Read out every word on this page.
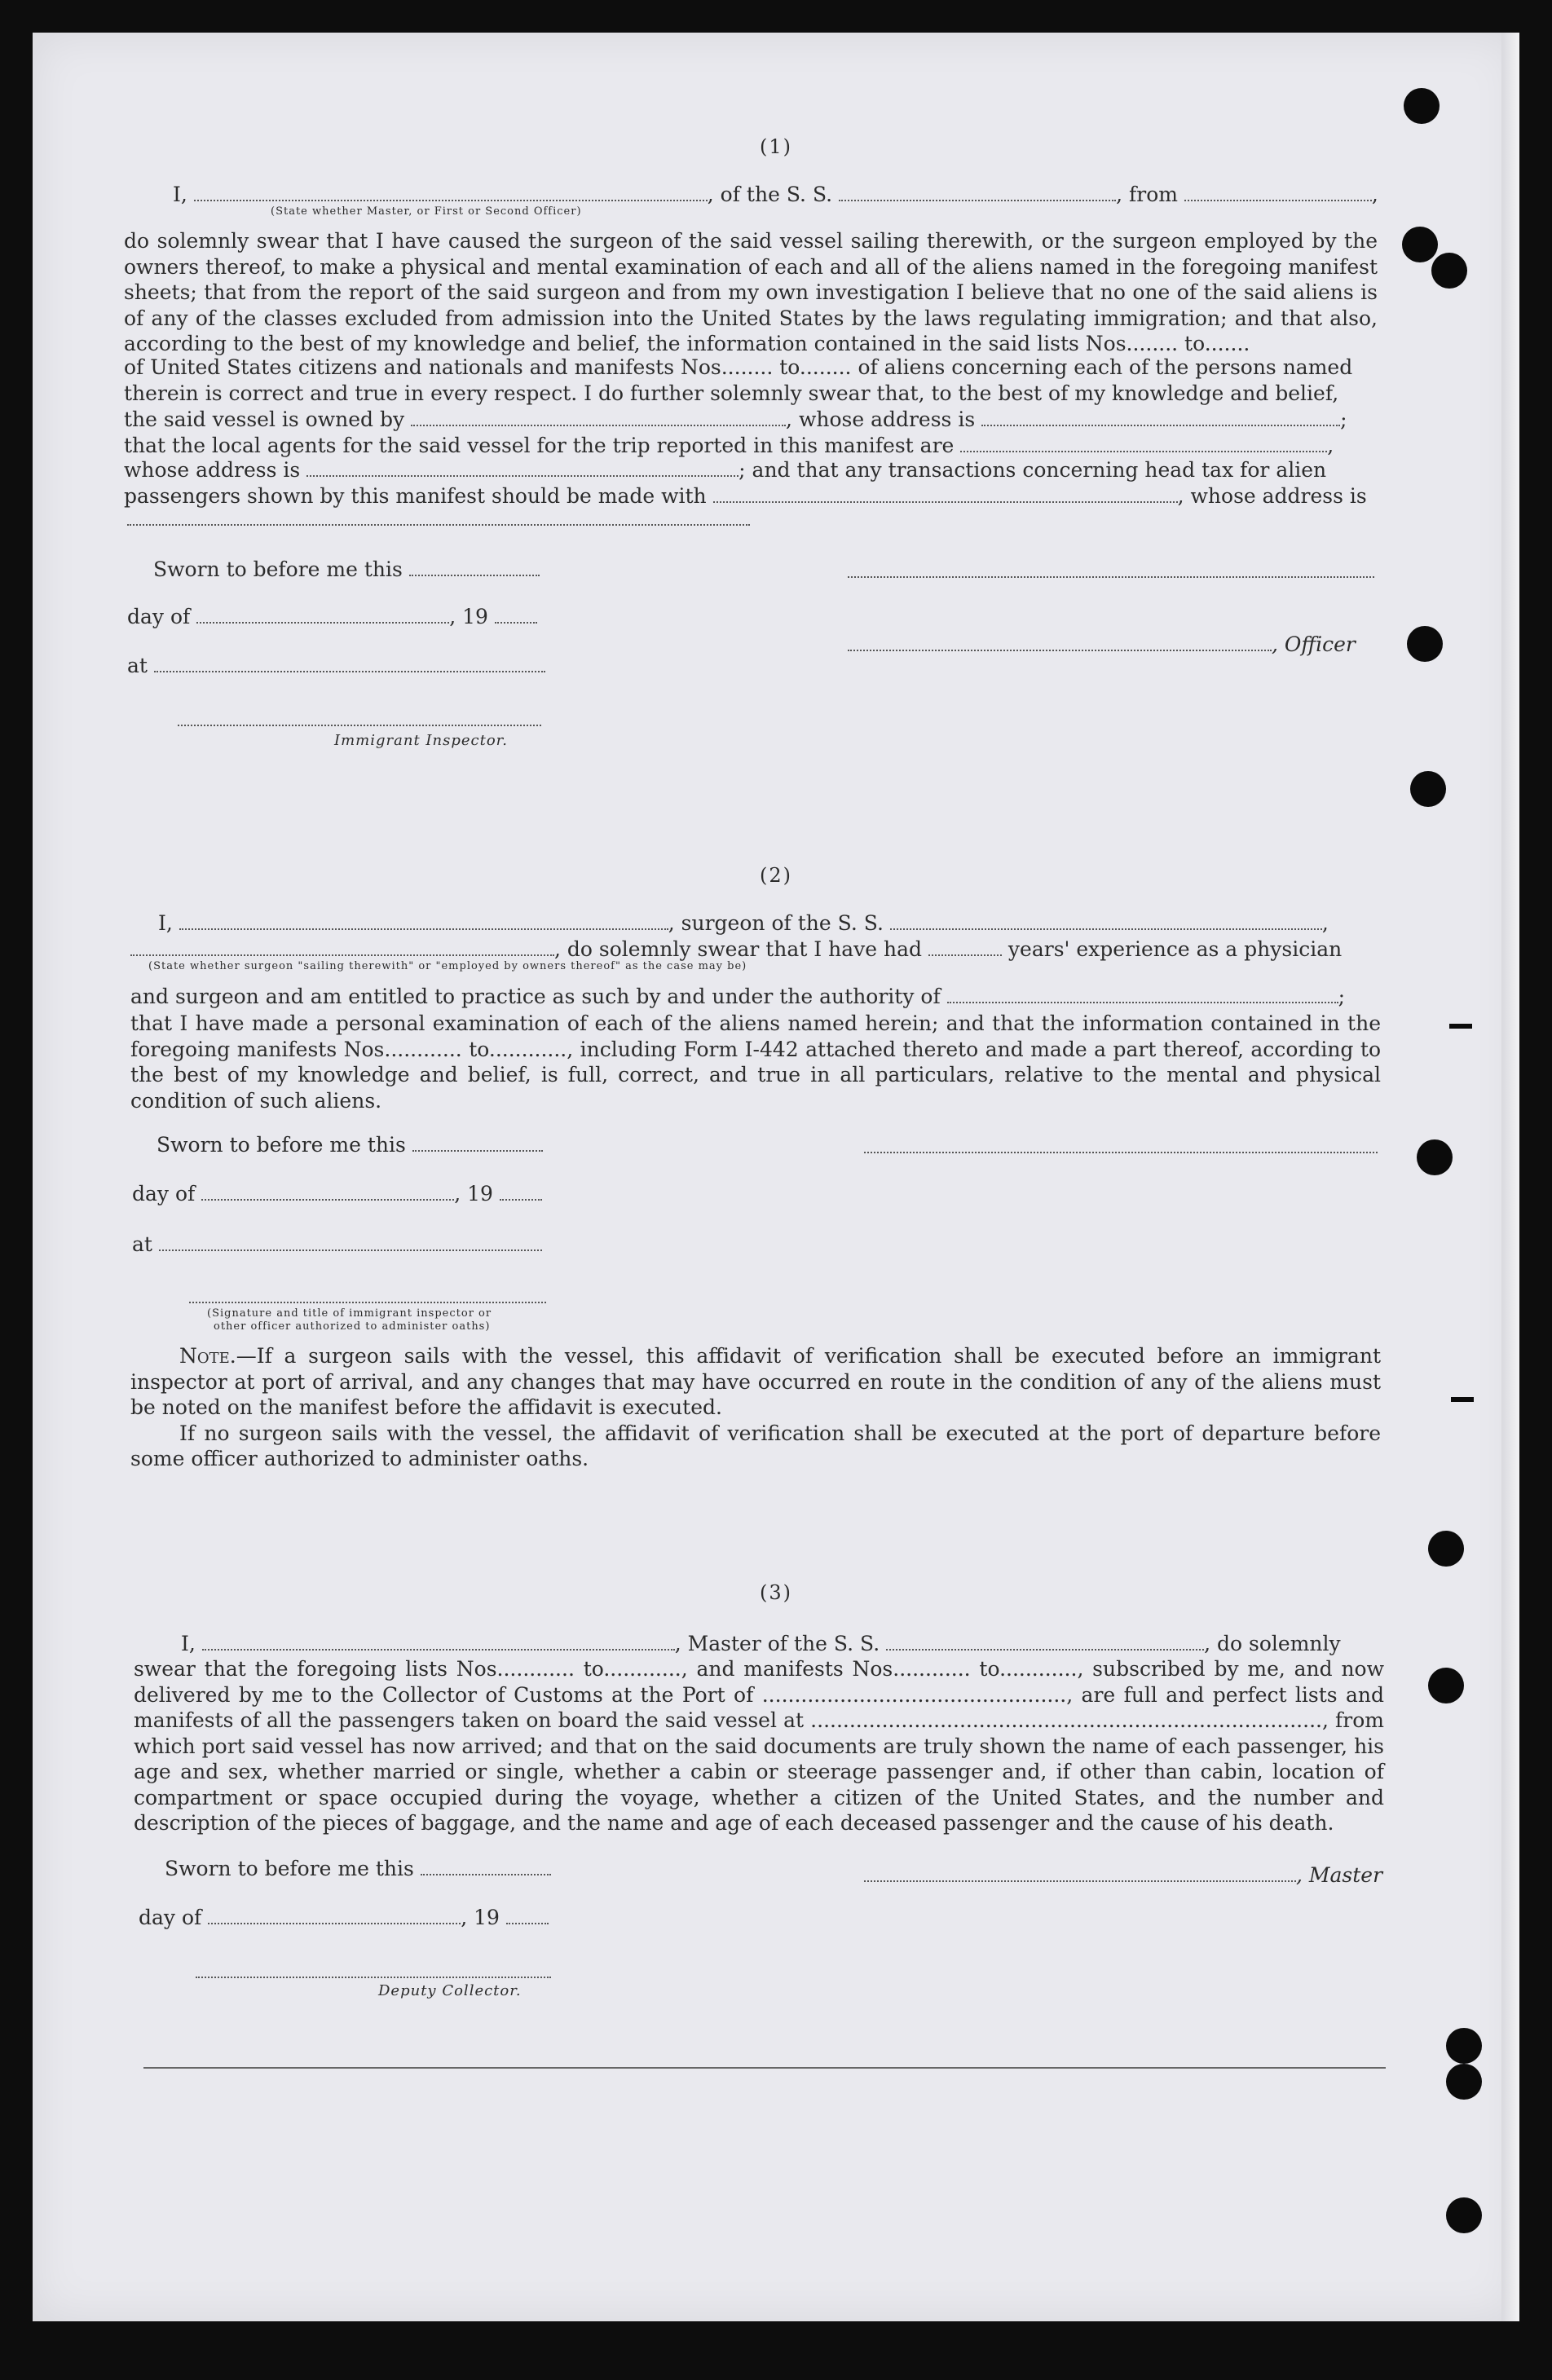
(1)
I,	, of the S. S.	, from	,
(State whether Master, or First or Second Officer)
do solemnly swear that I have caused the surgeon of the said vessel sailing therewith, or the surgeon employed by the owners thereof, to make a physical and mental examination of each and all of the aliens named in the foregoing manifest sheets; that from the report of the said surgeon and from my own investigation I believe that no one of the said aliens is of any of the classes excluded from admission into the United States by the laws regulating immigration; and that also, according to the best of my knowledge and belief, the information contained in the said lists Nos........ to.......
of United States citizens and nationals and manifests Nos........ to........ of aliens concerning each of the persons named
therein is correct and true in every respect. I do further solemnly swear that, to the best of my knowledge and belief,
the said vessel is owned by	, whose address is	;
that the local agents for the said vessel for the trip reported in this manifest are	,
whose address is	; and that any transactions concerning head tax for alien
passengers shown by this manifest should be made with	, whose address is
Sworn to before me this
day of	, 19
, Officer
at
Immigrant Inspector.
(2)
I,	, surgeon of the S. S.	,
, do solemnly swear that I have had	years' experience as a physician
(State whether surgeon "sailing therewith" or "employed by owners thereof" as the case may be)
and surgeon and am entitled to practice as such by and under the authority of	;
that I have made a personal examination of each of the aliens named herein; and that the information contained in the foregoing manifests Nos............ to............, including Form I-442 attached thereto and made a part thereof, according to the best of my knowledge and belief, is full, correct, and true in all particulars, relative to the mental and physical condition of such aliens.
Sworn to before me this
day of	, 19
at
(Signature and title of immigrant inspector or
other officer authorized to administer oaths)
Note.—If a surgeon sails with the vessel, this affidavit of verification shall be executed before an immigrant inspector at port of arrival, and any changes that may have occurred en route in the condition of any of the aliens must be noted on the manifest before the affidavit is executed.
If no surgeon sails with the vessel, the affidavit of verification shall be executed at the port of departure before some officer authorized to administer oaths.
(3)
I,	, Master of the S. S.	, do solemnly
swear that the foregoing lists Nos............ to............, and manifests Nos............ to............, subscribed by me, and now delivered by me to the Collector of Customs at the Port of ..............................................., are full and perfect lists and manifests of all the passengers taken on board the said vessel at ..............................................................................., from which port said vessel has now arrived; and that on the said documents are truly shown the name of each passenger, his age and sex, whether married or single, whether a cabin or steerage passenger and, if other than cabin, location of compartment or space occupied during the voyage, whether a citizen of the United States, and the number and description of the pieces of baggage, and the name and age of each deceased passenger and the cause of his death.
Sworn to before me this	, Master
day of	, 19
Deputy Collector.
